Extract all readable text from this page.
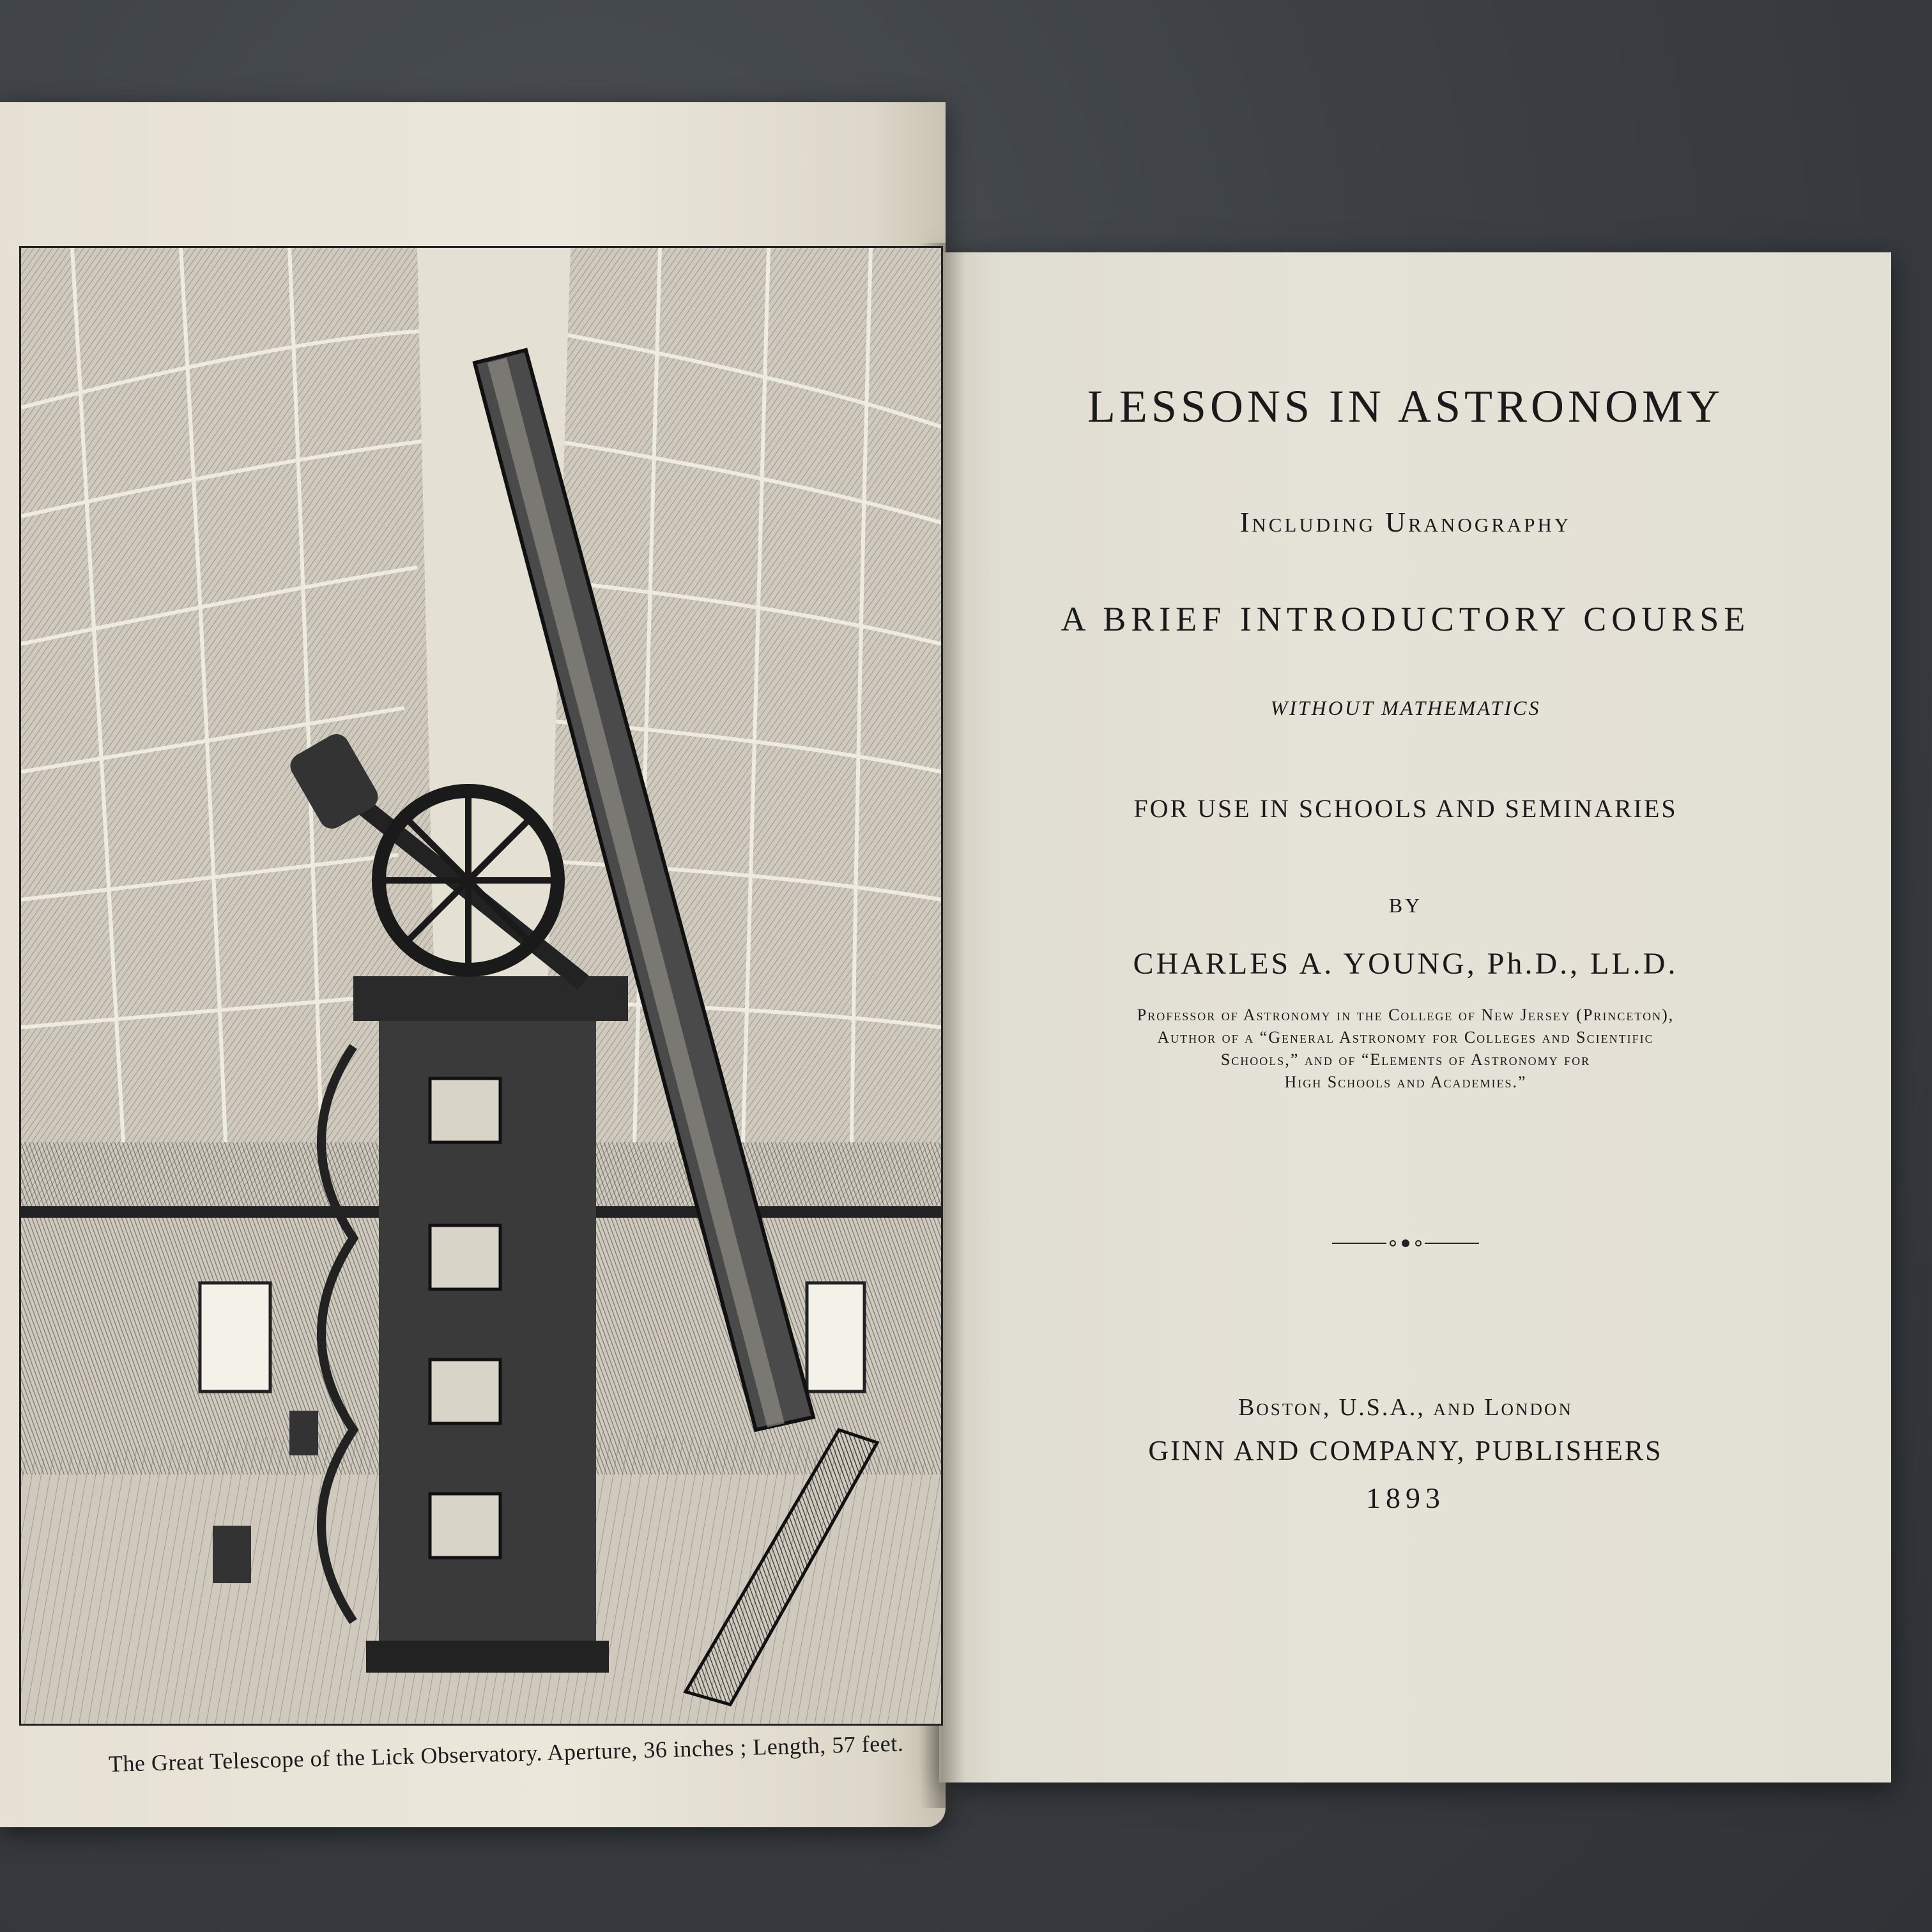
The Great Telescope of the Lick Observatory. Aperture, 36 inches ; Length, 57 feet.
LESSONS IN ASTRONOMY
Including Uranography
A BRIEF INTRODUCTORY COURSE
WITHOUT MATHEMATICS
FOR USE IN SCHOOLS AND SEMINARIES
BY
CHARLES A. YOUNG, Ph.D., LL.D.
Professor of Astronomy in the College of New Jersey (Princeton),
Author of a “General Astronomy for Colleges and Scientific
Schools,” and of “Elements of Astronomy for
High Schools and Academies.”
Boston, U.S.A., and London
GINN AND COMPANY, PUBLISHERS
1893
